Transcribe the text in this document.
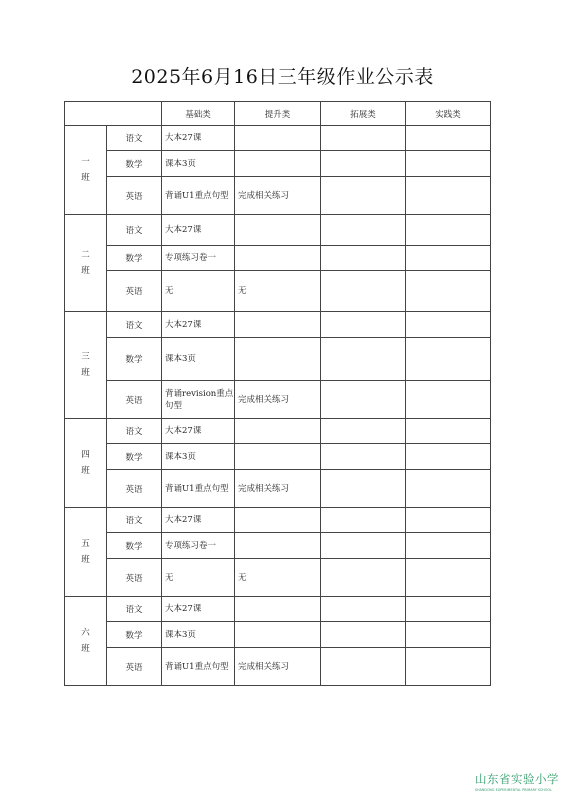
2025年6月16日三年级作业公示表
		基础类	提升类	拓展类	实践类
一
班	语文	大本27课			
	数学	课本3页			
	英语	背诵U1重点句型	完成相关练习		
二
班	语文	大本27课			
	数学	专项练习卷一			
	英语	无	无		
三
班	语文	大本27课			
	数学	课本3页			
	英语	背诵revision重点句型	完成相关练习		
四
班	语文	大本27课			
	数学	课本3页			
	英语	背诵U1重点句型	完成相关练习		
五
班	语文	大本27课			
	数学	专项练习卷一			
	英语	无	无		
六
班	语文	大本27课			
	数学	课本3页			
	英语	背诵U1重点句型	完成相关练习		
山东省实验小学
SHANDONG EXPERIMENTAL PRIMARY SCHOOL
